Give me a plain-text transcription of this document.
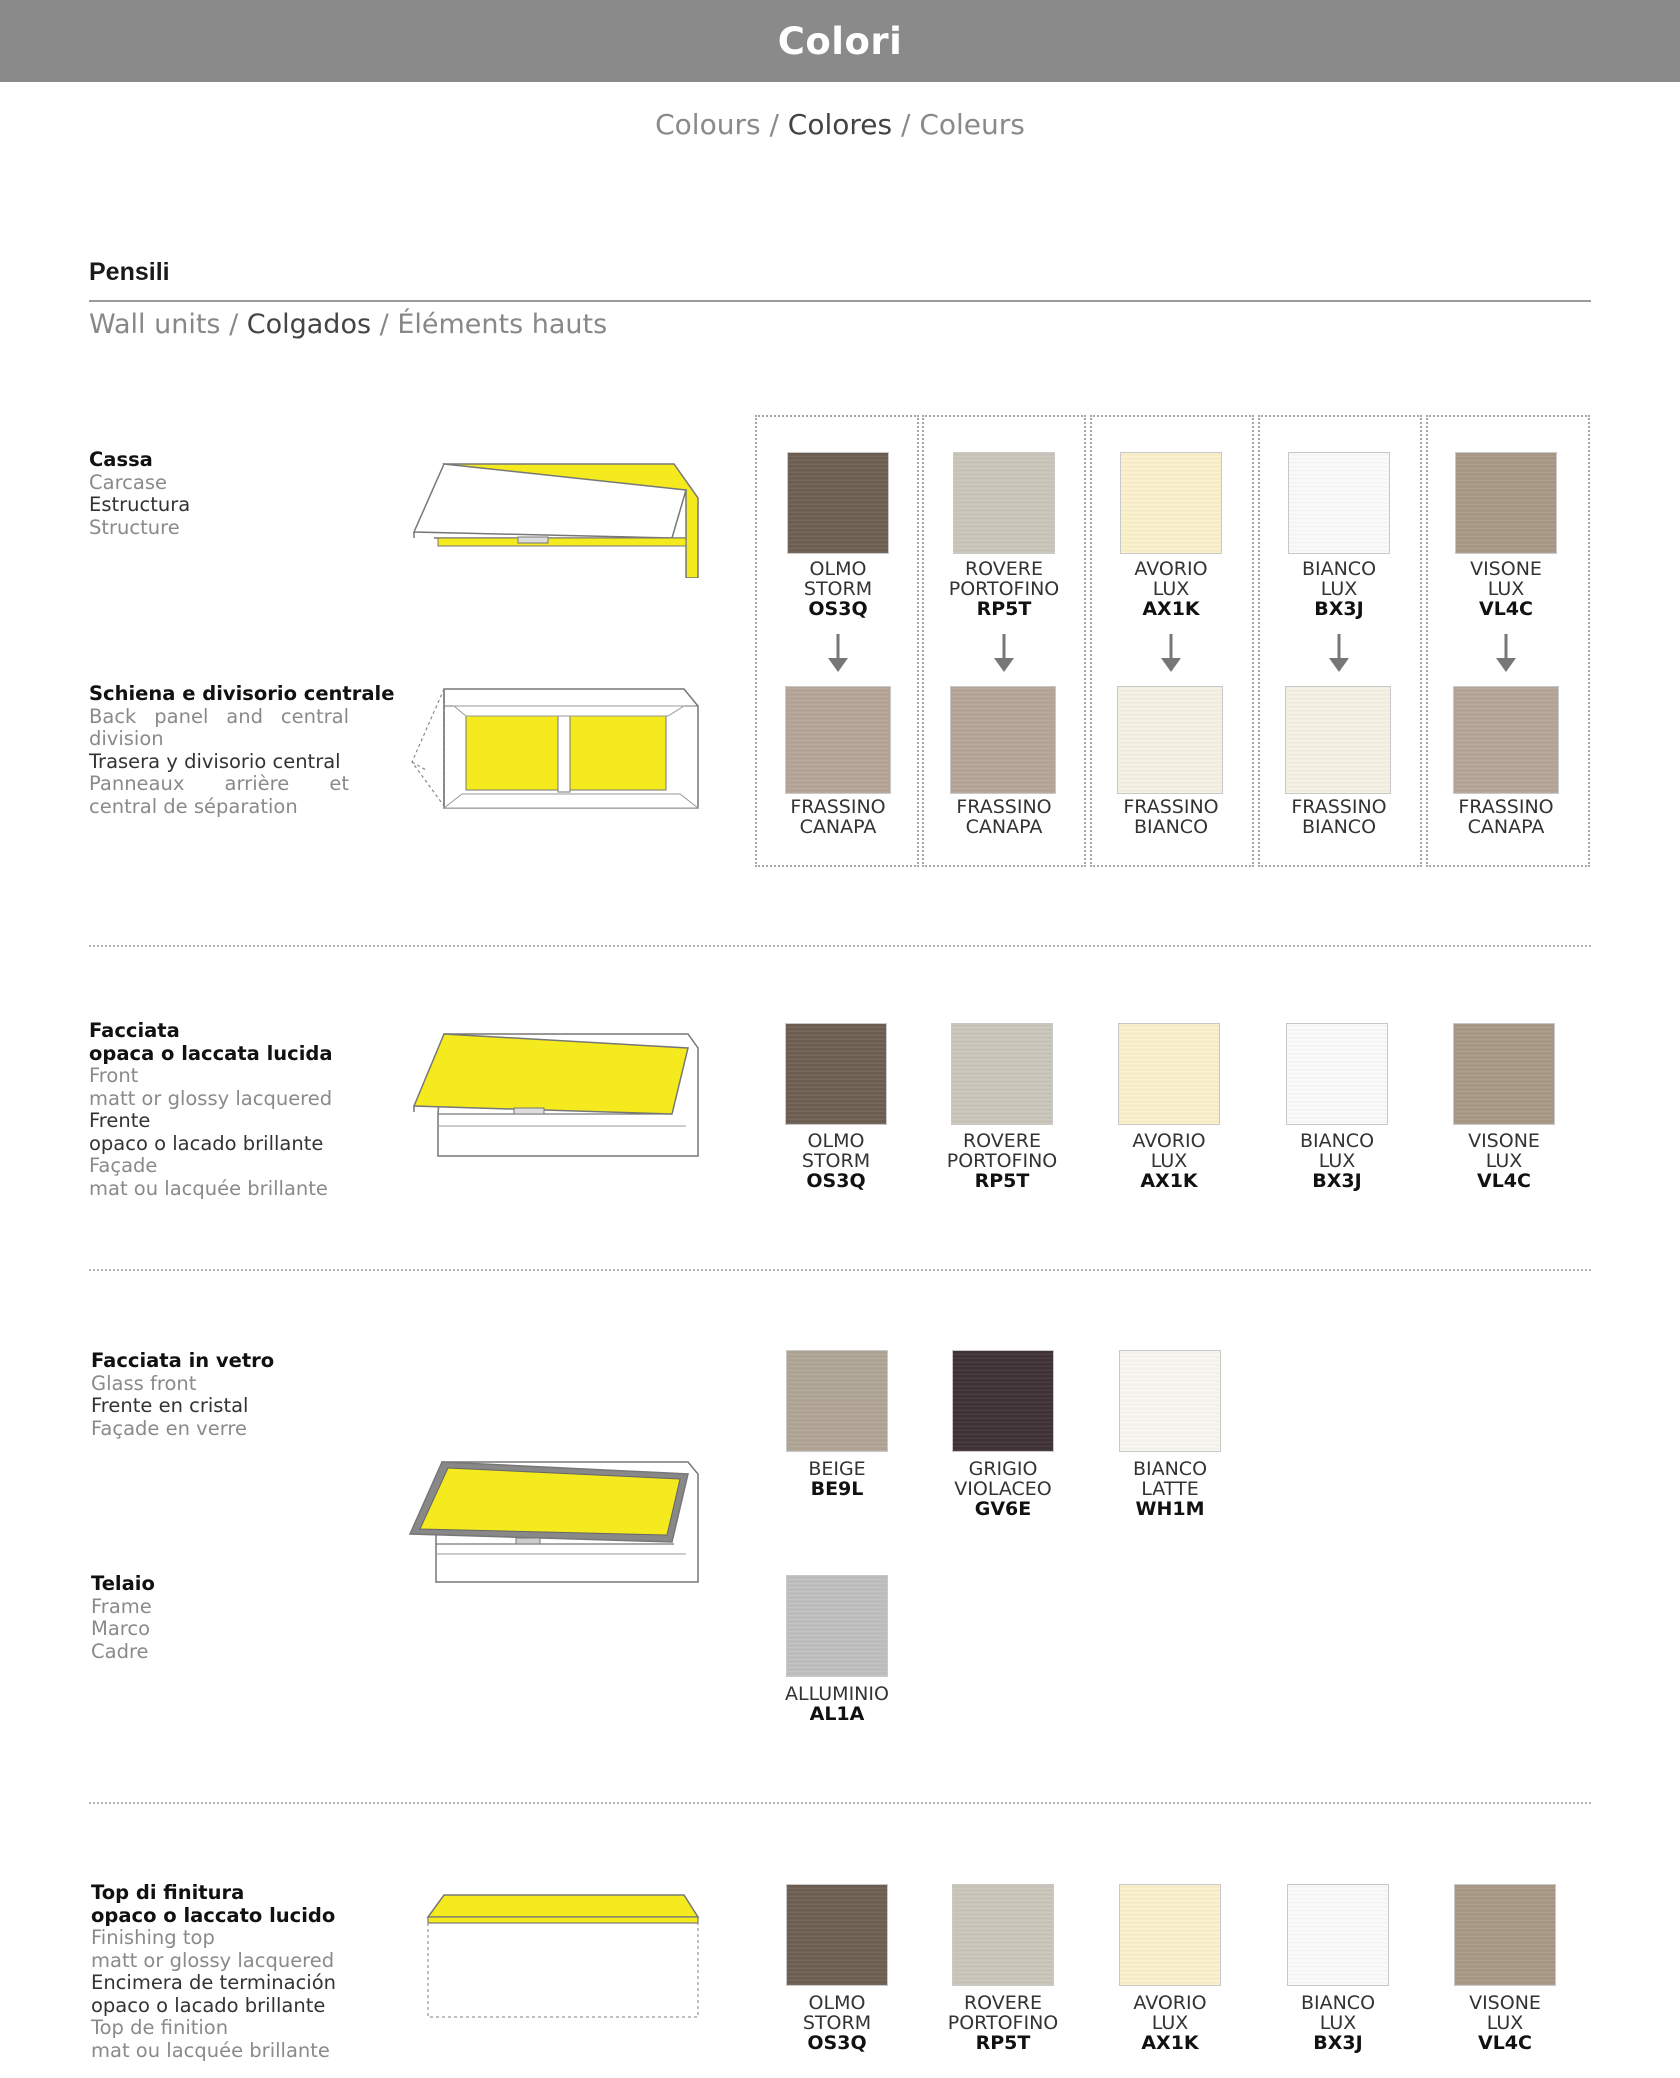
Colori
Colours / Colores / Coleurs
Pensili
Wall units / Colgados / Éléments hauts
Cassa
Carcase
Estructura
Structure
Schiena e divisorio centrale
Back panel and central division
Trasera y divisorio central
Panneaux arrière et central de séparation
OLMO
STORM
OS3Q
ROVERE
PORTOFINO
RP5T
AVORIO
LUX
AX1K
BIANCO
LUX
BX3J
VISONE
LUX
VL4C
FRASSINO
CANAPA
FRASSINO
CANAPA
FRASSINO
BIANCO
FRASSINO
BIANCO
FRASSINO
CANAPA
Facciata
opaca o laccata lucida
Front
matt or glossy lacquered
Frente
opaco o lacado brillante
Façade
mat ou lacquée brillante
OLMO
STORM
OS3Q
ROVERE
PORTOFINO
RP5T
AVORIO
LUX
AX1K
BIANCO
LUX
BX3J
VISONE
LUX
VL4C
Facciata in vetro
Glass front
Frente en cristal
Façade en verre
BEIGE
BE9L
GRIGIO
VIOLACEO
GV6E
BIANCO
LATTE
WH1M
Telaio
Frame
Marco
Cadre
ALLUMINIO
AL1A
Top di finitura
opaco o laccato lucido
Finishing top
matt or glossy lacquered
Encimera de terminación
opaco o lacado brillante
Top de finition
mat ou lacquée brillante
OLMO
STORM
OS3Q
ROVERE
PORTOFINO
RP5T
AVORIO
LUX
AX1K
BIANCO
LUX
BX3J
VISONE
LUX
VL4C
